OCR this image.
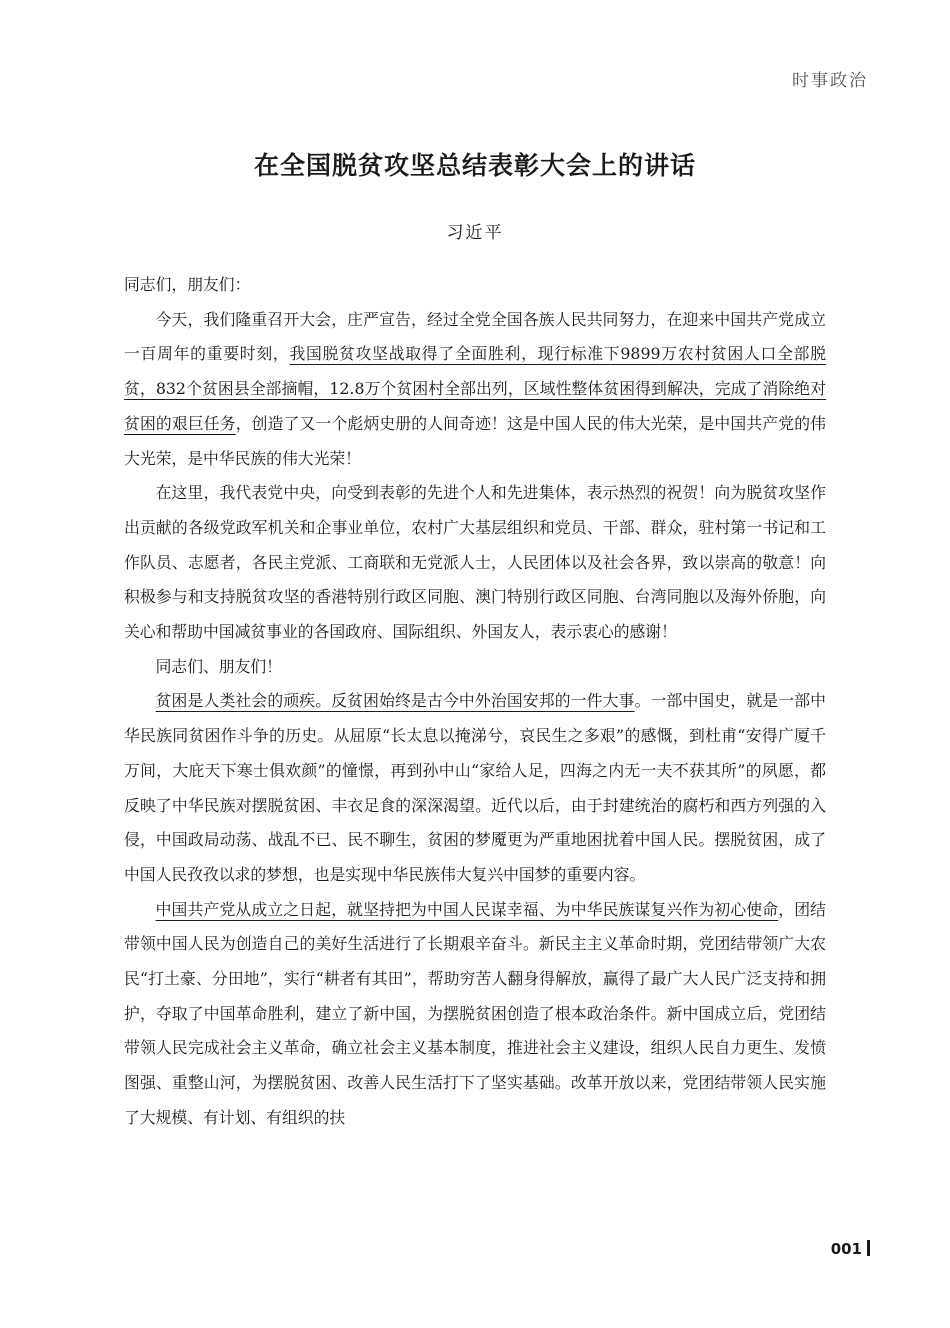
时事政治
在全国脱贫攻坚总结表彰大会上的讲话
习近平

同志们，朋友们：

今天，我们隆重召开大会，庄严宣告，经过全党全国各族人民共同努力，在迎来中国共产党成立一百周年的重要时刻，我国脱贫攻坚战取得了全面胜利，现行标准下9899万农村贫困人口全部脱贫，832个贫困县全部摘帽，12.8万个贫困村全部出列，区域性整体贫困得到解决，完成了消除绝对贫困的艰巨任务，创造了又一个彪炳史册的人间奇迹！这是中国人民的伟大光荣，是中国共产党的伟大光荣，是中华民族的伟大光荣！

在这里，我代表党中央，向受到表彰的先进个人和先进集体，表示热烈的祝贺！向为脱贫攻坚作出贡献的各级党政军机关和企事业单位，农村广大基层组织和党员、干部、群众，驻村第一书记和工作队员、志愿者，各民主党派、工商联和无党派人士，人民团体以及社会各界，致以崇高的敬意！向积极参与和支持脱贫攻坚的香港特别行政区同胞、澳门特别行政区同胞、台湾同胞以及海外侨胞，向关心和帮助中国减贫事业的各国政府、国际组织、外国友人，表示衷心的感谢！

同志们、朋友们！

贫困是人类社会的顽疾。反贫困始终是古今中外治国安邦的一件大事。一部中国史，就是一部中华民族同贫困作斗争的历史。从屈原“长太息以掩涕兮，哀民生之多艰”的感慨，到杜甫“安得广厦千万间，大庇天下寒士俱欢颜”的憧憬，再到孙中山“家给人足，四海之内无一夫不获其所”的夙愿，都反映了中华民族对摆脱贫困、丰衣足食的深深渴望。近代以后，由于封建统治的腐朽和西方列强的入侵，中国政局动荡、战乱不已、民不聊生，贫困的梦魇更为严重地困扰着中国人民。摆脱贫困，成了中国人民孜孜以求的梦想，也是实现中华民族伟大复兴中国梦的重要内容。

中国共产党从成立之日起，就坚持把为中国人民谋幸福、为中华民族谋复兴作为初心使命，团结带领中国人民为创造自己的美好生活进行了长期艰辛奋斗。新民主主义革命时期，党团结带领广大农民“打土豪、分田地”，实行“耕者有其田”，帮助穷苦人翻身得解放，赢得了最广大人民广泛支持和拥护，夺取了中国革命胜利，建立了新中国，为摆脱贫困创造了根本政治条件。新中国成立后，党团结带领人民完成社会主义革命，确立社会主义基本制度，推进社会主义建设，组织人民自力更生、发愤图强、重整山河，为摆脱贫困、改善人民生活打下了坚实基础。改革开放以来，党团结带领人民实施了大规模、有计划、有组织的扶

001
